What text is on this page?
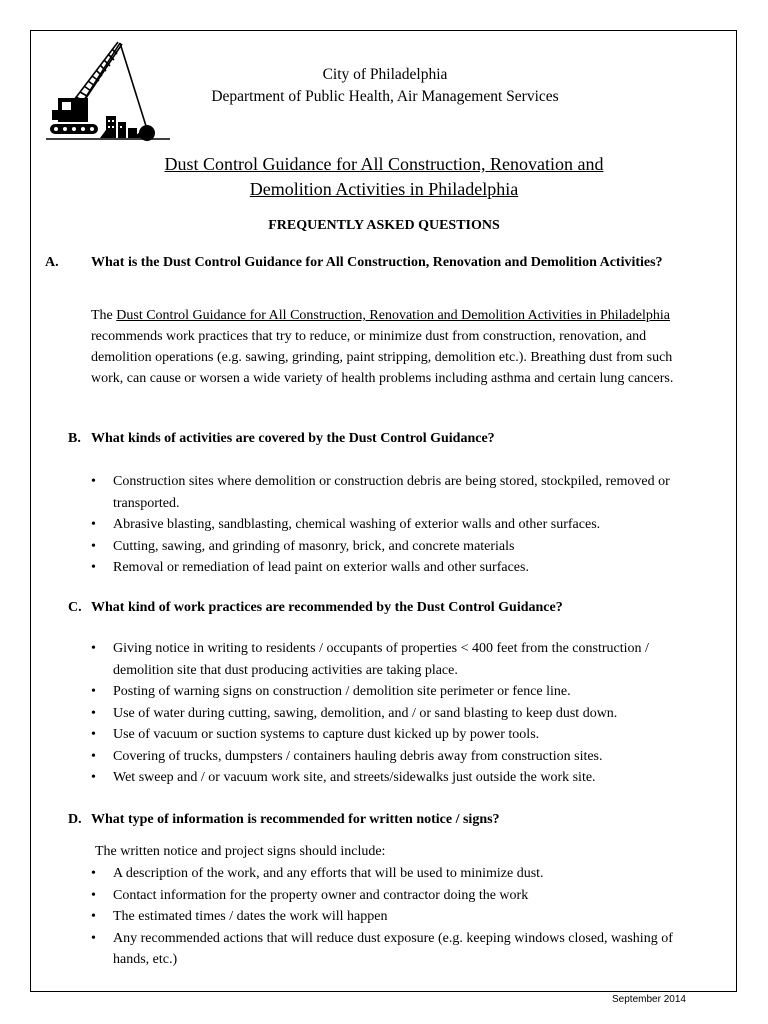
City of Philadelphia
Department of Public Health, Air Management Services
Dust Control Guidance for All Construction, Renovation and
Demolition Activities in Philadelphia
FREQUENTLY ASKED QUESTIONS
A. What is the Dust Control Guidance for All Construction, Renovation and Demolition Activities?
The Dust Control Guidance for All Construction, Renovation and Demolition Activities in Philadelphia recommends work practices that try to reduce, or minimize dust from construction, renovation, and demolition operations (e.g. sawing, grinding, paint stripping, demolition etc.). Breathing dust from such work, can cause or worsen a wide variety of health problems including asthma and certain lung cancers.
B. What kinds of activities are covered by the Dust Control Guidance?
• Construction sites where demolition or construction debris are being stored, stockpiled, removed or transported.
• Abrasive blasting, sandblasting, chemical washing of exterior walls and other surfaces.
• Cutting, sawing, and grinding of masonry, brick, and concrete materials
• Removal or remediation of lead paint on exterior walls and other surfaces.
C. What kind of work practices are recommended by the Dust Control Guidance?
• Giving notice in writing to residents / occupants of properties < 400 feet from the construction / demolition site that dust producing activities are taking place.
• Posting of warning signs on construction / demolition site perimeter or fence line.
• Use of water during cutting, sawing, demolition, and / or sand blasting to keep dust down.
• Use of vacuum or suction systems to capture dust kicked up by power tools.
• Covering of trucks, dumpsters / containers hauling debris away from construction sites.
• Wet sweep and / or vacuum work site, and streets/sidewalks just outside the work site.
D. What type of information is recommended for written notice / signs?
The written notice and project signs should include:
• A description of the work, and any efforts that will be used to minimize dust.
• Contact information for the property owner and contractor doing the work
• The estimated times / dates the work will happen
• Any recommended actions that will reduce dust exposure (e.g. keeping windows closed, washing of hands, etc.)
September 2014
